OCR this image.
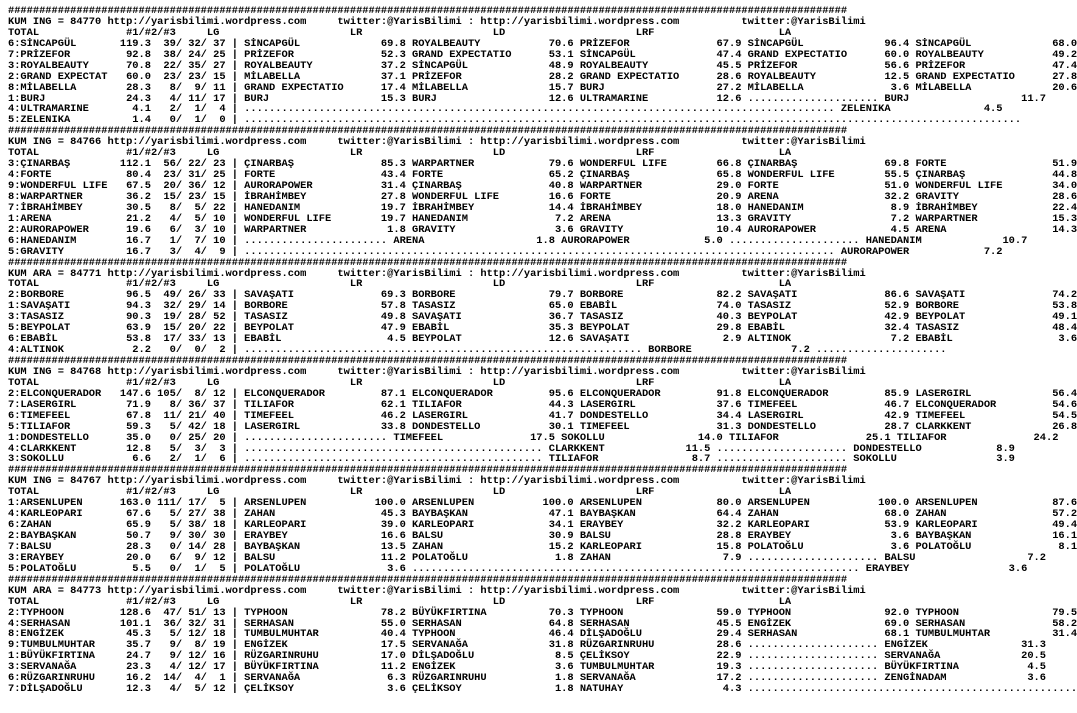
#######################################################################################################################################
KUM ING = 84770 http://yarisbilimi.wordpress.com     twitter:@YarisBilimi : http://yarisbilimi.wordpress.com          twitter:@YarisBilimi
TOTAL              #1/#2/#3     LG                     LR                     LD                     LRF                    LA
6:SİNCAPGÜL       119.3  39/ 32/ 37 | SİNCAPGÜL             69.8 ROYALBEAUTY           70.6 PRİZEFOR              67.9 SİNCAPGÜL             96.4 SİNCAPGÜL             68.0
7:PRİZEFOR         92.8  38/ 24/ 25 | PRİZEFOR              52.3 GRAND EXPECTATIO      53.1 SİNCAPGÜL             47.4 GRAND EXPECTATIO      60.0 ROYALBEAUTY           49.2
3:ROYALBEAUTY      70.8  22/ 35/ 27 | ROYALBEAUTY           37.2 SİNCAPGÜL             48.9 ROYALBEAUTY           45.5 PRİZEFOR              56.6 PRİZEFOR              47.4
2:GRAND EXPECTAT   60.0  23/ 23/ 15 | MİLABELLA             37.1 PRİZEFOR              28.2 GRAND EXPECTATIO      28.6 ROYALBEAUTY           12.5 GRAND EXPECTATIO      27.8
8:MİLABELLA        28.3   8/  9/ 11 | GRAND EXPECTATIO      17.4 MİLABELLA             15.7 BURJ                  27.2 MİLABELLA              3.6 MİLABELLA             20.6
1:BURJ             24.3   4/ 11/ 17 | BURJ                  15.3 BURJ                  12.6 ULTRAMARINE           12.6 ..................... BURJ                  11.7
4:ULTRAMARINE       4.1   2/  1/  4 | ............................................................................................... ZELENIKA               4.5
5:ZELENIKA          1.4   0/  1/  0 | .............................................................................................................................
#######################################################################################################################################
KUM ING = 84766 http://yarisbilimi.wordpress.com     twitter:@YarisBilimi : http://yarisbilimi.wordpress.com          twitter:@YarisBilimi
TOTAL              #1/#2/#3     LG                     LR                     LD                     LRF                    LA
3:ÇINARBAŞ        112.1  56/ 22/ 23 | ÇINARBAŞ              85.3 WARPARTNER            79.6 WONDERFUL LIFE        66.8 ÇINARBAŞ              69.8 FORTE                 51.9
4:FORTE            80.4  23/ 31/ 25 | FORTE                 43.4 FORTE                 65.2 ÇINARBAŞ              65.8 WONDERFUL LIFE        55.5 ÇINARBAŞ              44.8
9:WONDERFUL LIFE   67.5  20/ 36/ 12 | AURORAPOWER           31.4 ÇINARBAŞ              40.8 WARPARTNER            29.0 FORTE                 51.0 WONDERFUL LIFE        34.0
8:WARPARTNER       36.2  15/ 23/ 15 | İBRAHİMBEY            27.8 WONDERFUL LIFE        16.6 FORTE                 20.9 ARENA                 32.2 GRAVITY               28.6
7:İBRAHİMBEY       30.5   8/  5/ 22 | HANEDANIM             19.7 İBRAHİMBEY            14.4 İBRAHİMBEY            18.0 HANEDANIM              8.9 İBRAHİMBEY            22.4
1:ARENA            21.2   4/  5/ 10 | WONDERFUL LIFE        19.7 HANEDANIM              7.2 ARENA                 13.3 GRAVITY                7.2 WARPARTNER            15.3
2:AURORAPOWER      19.6   6/  3/ 10 | WARPARTNER             1.8 GRAVITY                3.6 GRAVITY               10.4 AURORAPOWER            4.5 ARENA                 14.3
6:HANEDANIM        16.7   1/  7/ 10 | ....................... ARENA                  1.8 AURORAPOWER            5.0 ..................... HANEDANIM             10.7
5:GRAVITY          16.7   3/  4/  9 | ............................................................................................... AURORAPOWER            7.2
#######################################################################################################################################
KUM ARA = 84771 http://yarisbilimi.wordpress.com     twitter:@YarisBilimi : http://yarisbilimi.wordpress.com          twitter:@YarisBilimi
TOTAL              #1/#2/#3     LG                     LR                     LD                     LRF                    LA
2:BORBORE          96.5  49/ 26/ 33 | SAVAŞATI              69.3 BORBORE               79.7 BORBORE               82.2 SAVAŞATI              86.6 SAVAŞATI              74.2
1:SAVAŞATI         94.3  32/ 29/ 14 | BORBORE               57.8 TASASIZ               65.0 EBABİL                74.0 TASASIZ               52.9 BORBORE               53.8
3:TASASIZ          90.3  19/ 28/ 52 | TASASIZ               49.8 SAVAŞATI              36.7 TASASIZ               40.3 BEYPOLAT              42.9 BEYPOLAT              49.1
5:BEYPOLAT         63.9  15/ 20/ 22 | BEYPOLAT              47.9 EBABİL                35.3 BEYPOLAT              29.8 EBABİL                32.4 TASASIZ               48.4
6:EBABİL           53.8  17/ 33/ 13 | EBABİL                 4.5 BEYPOLAT              12.6 SAVAŞATI               2.9 ALTINOK                7.2 EBABİL                 3.6
4:ALTINOK           2.2   0/  0/  2 | ................................................................ BORBORE                7.2 .....................
#######################################################################################################################################
KUM ING = 84768 http://yarisbilimi.wordpress.com     twitter:@YarisBilimi : http://yarisbilimi.wordpress.com          twitter:@YarisBilimi
TOTAL              #1/#2/#3     LG                     LR                     LD                     LRF                    LA
2:ELCONQUERADOR   147.6 105/  8/ 12 | ELCONQUERADOR         87.1 ELCONQUERADOR         95.6 ELCONQUERADOR         91.8 ELCONQUERADOR         85.9 LASERGIRL             56.4
7:LASERGIRL        71.9   8/ 36/ 37 | TILIAFOR              62.1 TILIAFOR              44.3 LASERGIRL             37.6 TIMEFEEL              46.7 ELCONQUERADOR         54.6
6:TIMEFEEL         67.8  11/ 21/ 40 | TIMEFEEL              46.2 LASERGIRL             41.7 DONDESTELLO           34.4 LASERGIRL             42.9 TIMEFEEL              54.5
5:TILIAFOR         59.3   5/ 42/ 18 | LASERGIRL             33.8 DONDESTELLO           30.1 TIMEFEEL              31.3 DONDESTELLO           28.7 CLARKKENT             26.8
1:DONDESTELLO      35.0   0/ 25/ 20 | ....................... TIMEFEEL              17.5 SOKOLLU               14.0 TILIAFOR              25.1 TILIAFOR              24.2
4:CLARKKENT        12.8   5/  3/  3 | ................................................ CLARKKENT             11.5 ..................... DONDESTELLO            8.9
3:SOKOLLU           6.6   2/  1/  6 | ................................................ TILIAFOR               8.7 ..................... SOKOLLU                3.9
#######################################################################################################################################
KUM ING = 84767 http://yarisbilimi.wordpress.com     twitter:@YarisBilimi : http://yarisbilimi.wordpress.com          twitter:@YarisBilimi
TOTAL              #1/#2/#3     LG                     LR                     LD                     LRF                    LA
1:ARSENLUPEN      163.0 111/ 17/  5 | ARSENLUPEN           100.0 ARSENLUPEN           100.0 ARSENLUPEN            80.0 ARSENLUPEN           100.0 ARSENLUPEN            87.6
4:KARLEOPARI       67.6   5/ 27/ 38 | ZAHAN                 45.3 BAYBAŞKAN             47.1 BAYBAŞKAN             64.4 ZAHAN                 68.0 ZAHAN                 57.2
6:ZAHAN            65.9   5/ 38/ 18 | KARLEOPARI            39.0 KARLEOPARI            34.1 ERAYBEY               32.2 KARLEOPARI            53.9 KARLEOPARI            49.4
2:BAYBAŞKAN        50.7   9/ 30/ 30 | ERAYBEY               16.6 BALSU                 30.9 BALSU                 28.8 ERAYBEY                3.6 BAYBAŞKAN             16.1
7:BALSU            28.3   0/ 14/ 28 | BAYBAŞKAN             13.5 ZAHAN                 15.2 KARLEOPARI            15.8 POLATOĞLU              3.6 POLATOĞLU              8.1
3:ERAYBEY          20.0   6/  9/ 12 | BALSU                 11.2 POLATOĞLU              1.8 ZAHAN                  7.9 ..................... BALSU                  7.2
5:POLATOĞLU         5.5   0/  1/  5 | POLATOĞLU              3.6 ........................................................................ ERAYBEY                3.6
#######################################################################################################################################
KUM ARA = 84773 http://yarisbilimi.wordpress.com     twitter:@YarisBilimi : http://yarisbilimi.wordpress.com          twitter:@YarisBilimi
TOTAL              #1/#2/#3     LG                     LR                     LD                     LRF                    LA
2:TYPHOON         128.6  47/ 51/ 13 | TYPHOON               78.2 BÜYÜKFIRTINA          70.3 TYPHOON               59.0 TYPHOON               92.0 TYPHOON               79.5
4:SERHASAN        101.1  36/ 32/ 31 | SERHASAN              55.0 SERHASAN              64.8 SERHASAN              45.5 ENGİZEK               69.0 SERHASAN              58.2
8:ENGİZEK          45.3   5/ 12/ 18 | TUMBULMUHTAR          40.4 TYPHOON               46.4 DİLŞADOĞLU            29.4 SERHASAN              68.1 TUMBULMUHTAR          31.4
9:TUMBULMUHTAR     35.7   9/  8/ 19 | ENGİZEK               17.5 SERVANAĞA             31.8 RÜZGARINRUHU          28.6 ..................... ENGİZEK               31.3
1:BÜYÜKFIRTINA     24.7   9/ 12/ 16 | RÜZGARINRUHU          17.0 DİLŞADOĞLU             8.5 ÇELİKSOY              22.9 ..................... SERVANAĞA             20.5
3:SERVANAĞA        23.3   4/ 12/ 17 | BÜYÜKFIRTINA          11.2 ENGİZEK                3.6 TUMBULMUHTAR          19.3 ..................... BÜYÜKFIRTINA           4.5
6:RÜZGARINRUHU     16.2  14/  4/  1 | SERVANAĞA              6.3 RÜZGARINRUHU           1.8 SERVANAĞA             17.2 ..................... ZENGİNADAM             3.6
7:DİLŞADOĞLU       12.3   4/  5/ 12 | ÇELİKSOY               3.6 ÇELİKSOY               1.8 NATUHAY                4.3 .....................................................
